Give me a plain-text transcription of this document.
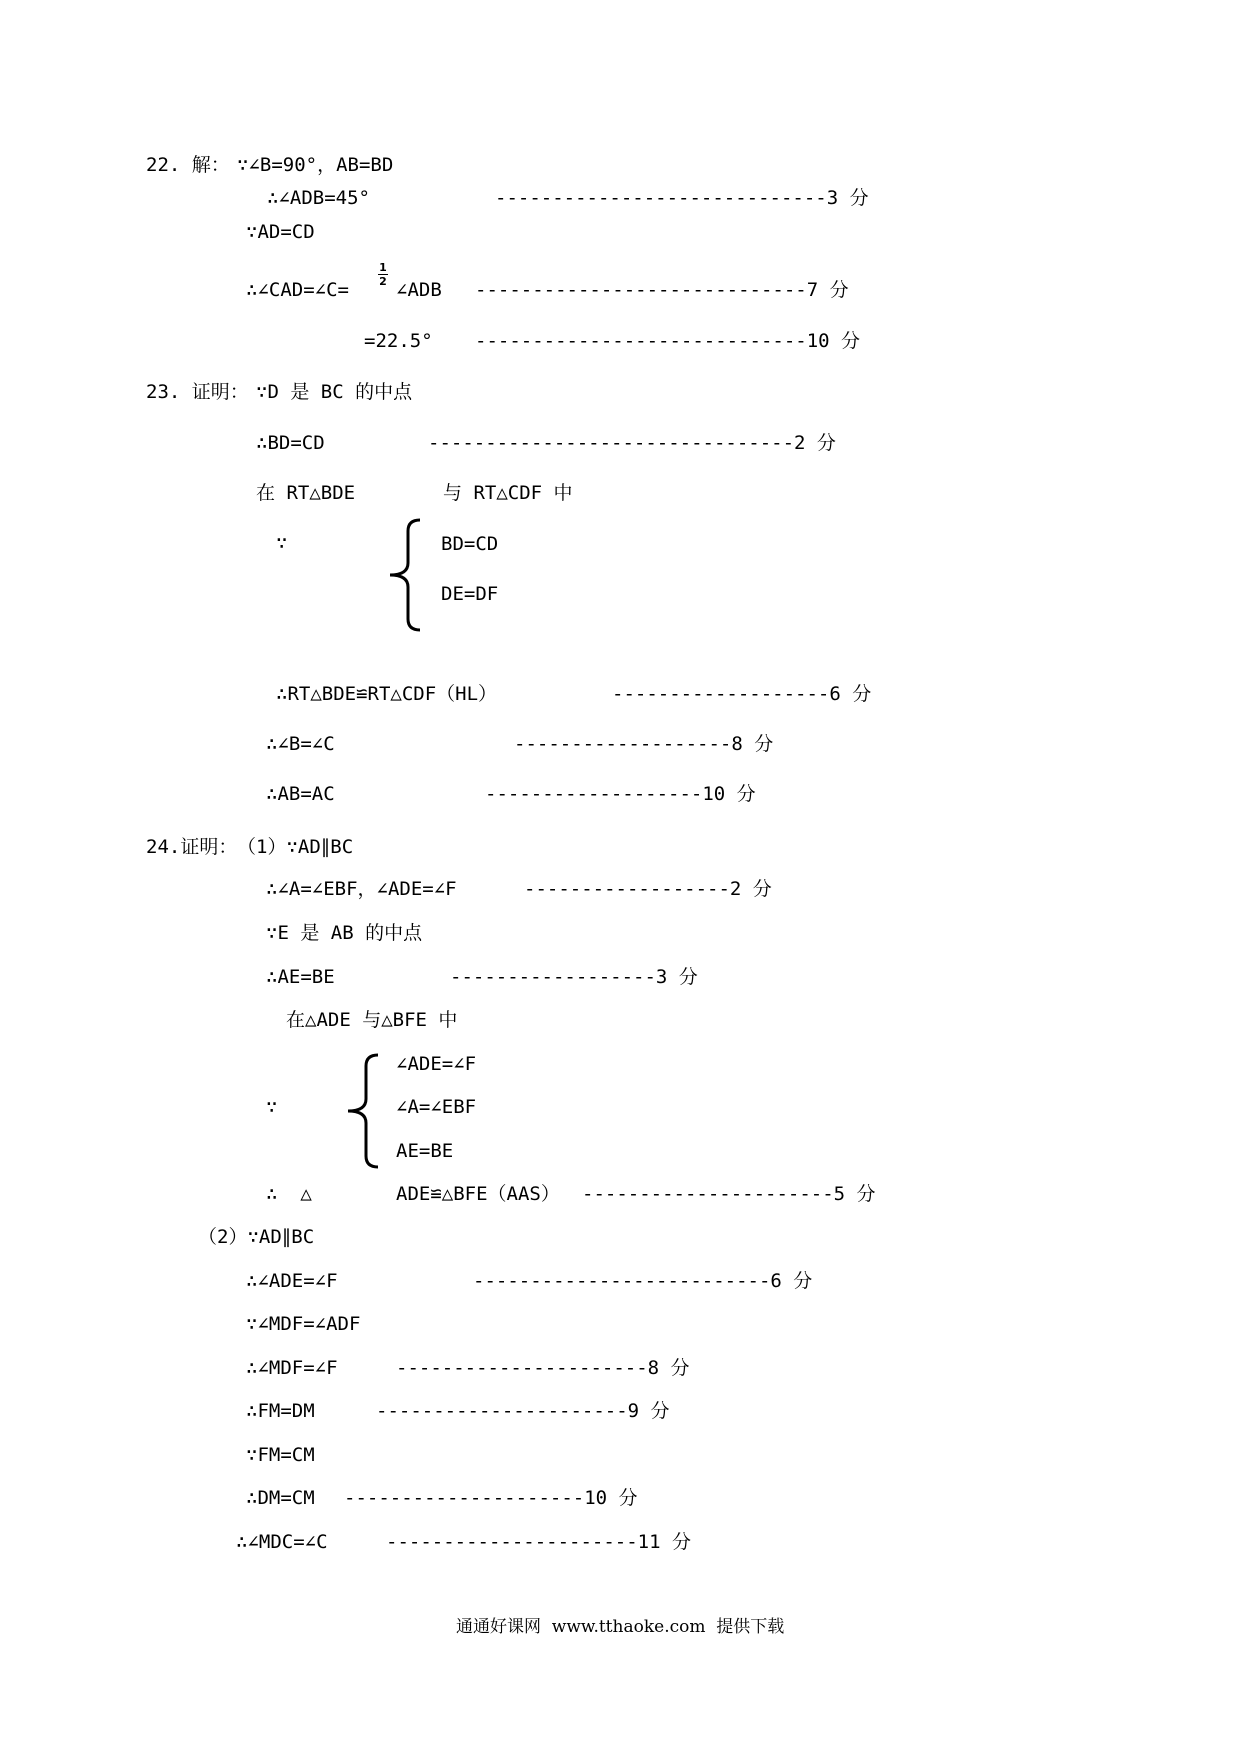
22. 解： ∵∠B=90°，AB=BD
∴∠ADB=45°	-----------------------------3 分
∵AD=CD
∴∠CAD=∠C=
1
2 ∠ADB -----------------------------7 分
=22.5° -----------------------------10 分
23. 证明： ∵D 是 BC 的中点
∴BD=CD	--------------------------------2 分
在 RT△BDE	与 RT△CDF 中
∵	BD=CD
DE=DF
∴RT△BDE≌RT△CDF（HL）	-------------------6 分
∴∠B=∠C	-------------------8 分
∴AB=AC	-------------------10 分
24.证明： （1）∵AD∥BC
∴∠A=∠EBF，∠ADE=∠F	------------------2 分
∵E 是 AB 的中点
∴AE=BE	------------------3 分
在△ADE 与△BFE 中
∵
∠ADE=∠F
∠A=∠EBF
AE=BE
∴  △	ADE≌△BFE（AAS） ----------------------5 分
（2）∵AD∥BC
∴∠ADE=∠F	--------------------------6 分
∵∠MDF=∠ADF
∴∠MDF=∠F	----------------------8 分
∴FM=DM	----------------------9 分
∵FM=CM
∴DM=CM ---------------------10 分
∴∠MDC=∠C	----------------------11 分
通通好课网  www.tthaoke.com  提供下载
